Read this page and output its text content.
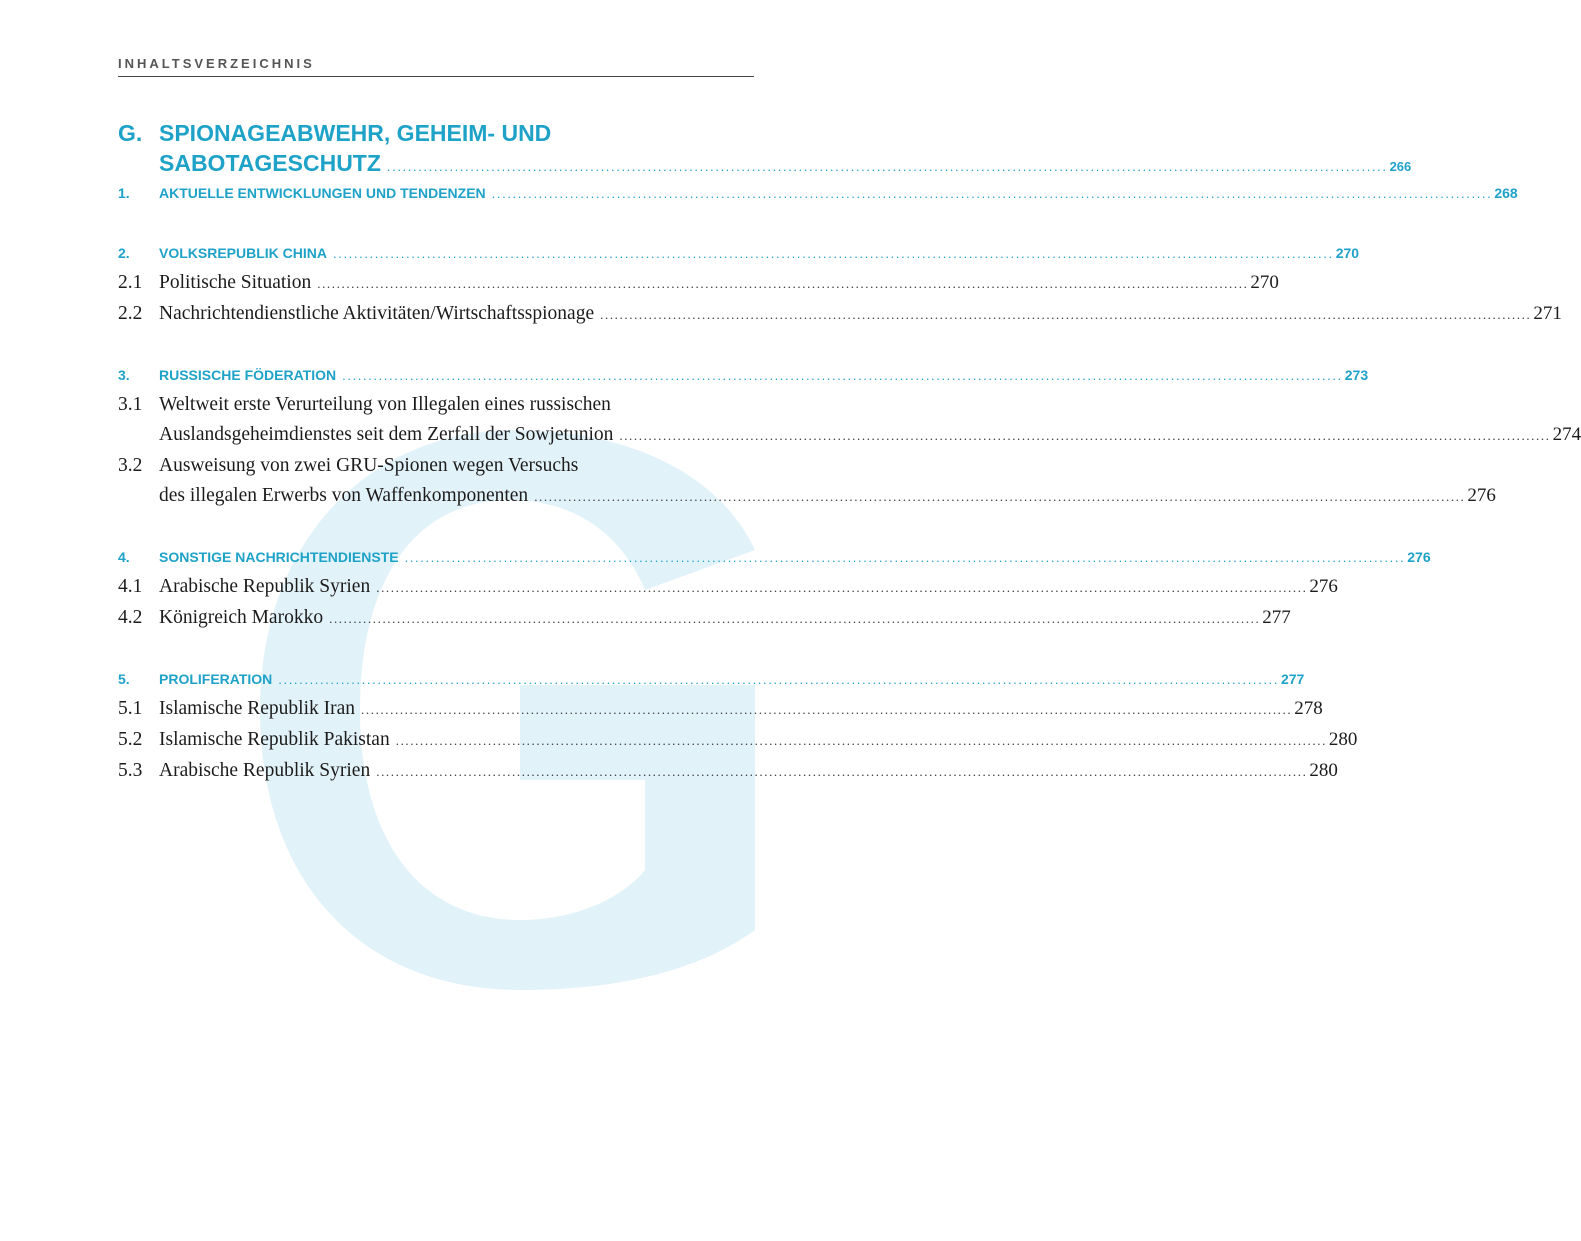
INHALTSVERZEICHNIS
G. SPIONAGEABWEHR, GEHEIM- UND
SABOTAGESCHUTZ .....	266
1.	AKTUELLE ENTWICKLUNGEN UND TENDENZEN .....	268
2.	VOLKSREPUBLIK CHINA .....	270
2.1 Politische Situation .....	270
2.2 Nachrichtendienstliche Aktivitäten/Wirtschaftsspionage .....	271
3.	RUSSISCHE FÖDERATION .....	273
3.1 Weltweit erste Verurteilung von Illegalen eines russischen
Auslandsgeheimdienstes seit dem Zerfall der Sowjetunion .....	274
3.2 Ausweisung von zwei GRU-Spionen wegen Versuchs
des illegalen Erwerbs von Waffenkomponenten .....	276
4.	SONSTIGE NACHRICHTENDIENSTE .....	276
4.1 Arabische Republik Syrien .....	276
4.2 Königreich Marokko .....	277
5.	PROLIFERATION .....	277
5.1 Islamische Republik Iran .....	278
5.2 Islamische Republik Pakistan .....	280
5.3 Arabische Republik Syrien .....	280
